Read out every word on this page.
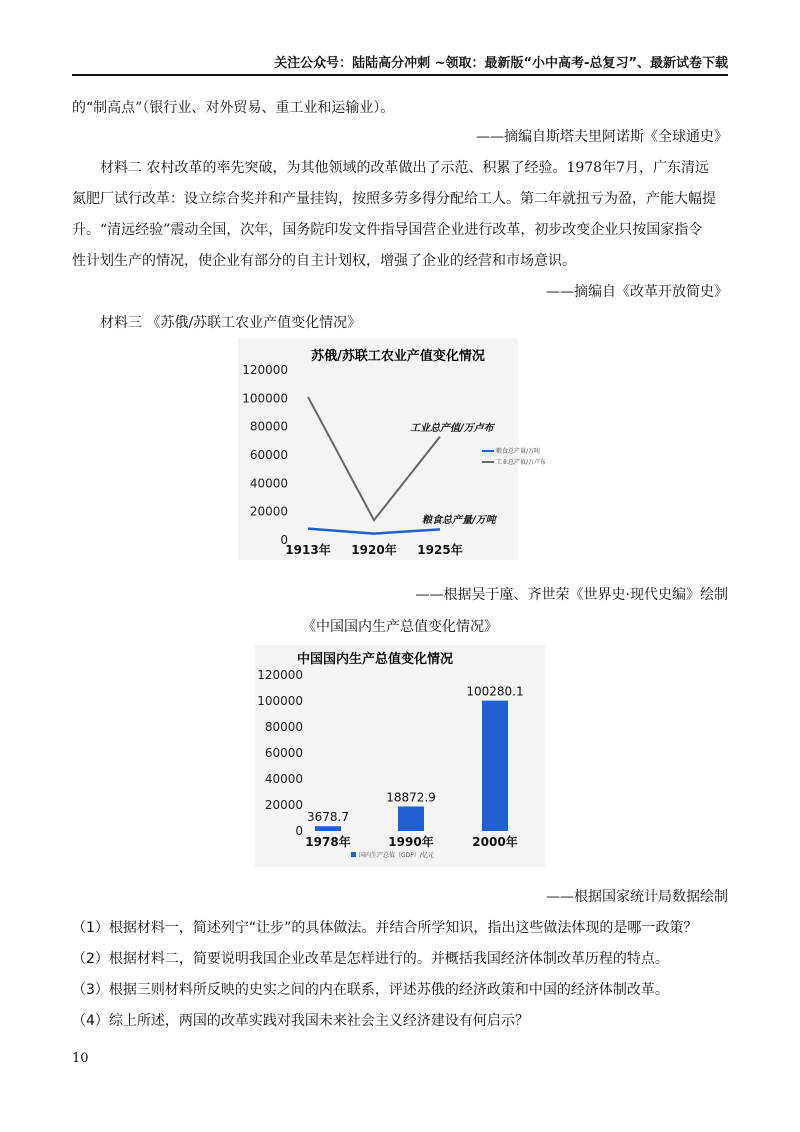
关注公众号：陆陆高分冲刺 ~领取：最新版“小中高考-总复习”、最新试卷下载
的“制高点”（银行业、对外贸易、重工业和运输业）。
——摘编自斯塔夫里阿诺斯《全球通史》
材料二 农村改革的率先突破，为其他领域的改革做出了示范、积累了经验。1978年7月，广东清远
氮肥厂试行改革：设立综合奖并和产量挂钩，按照多劳多得分配给工人。第二年就扭亏为盈，产能大幅提
升。“清远经验”震动全国，次年，国务院印发文件指导国营企业进行改革，初步改变企业只按国家指令
性计划生产的情况，使企业有部分的自主计划权，增强了企业的经营和市场意识。
——摘编自《改革开放简史》
材料三 《苏俄/苏联工农业产值变化情况》
苏俄/苏联工农业产值变化情况
0
20000
40000
60000
80000
100000
120000
1913年 1920年 1925年
粮食总产量/万吨
工业总产值/万卢布
工业总产值/万卢布
粮食总产量/万吨
——根据吴于廑、齐世荣《世界史·现代史编》绘制
《中国国内生产总值变化情况》
中国国内生产总值变化情况
0
20000
40000
60000
80000
100000
120000
3678.7
18872.9
100280.1
1978年	1990年	2000年
国内生产总值（GDP）/亿元
——根据国家统计局数据绘制
（1）根据材料一，简述列宁“让步”的具体做法。并结合所学知识，指出这些做法体现的是哪一政策？
（2）根据材料二，简要说明我国企业改革是怎样进行的。并概括我国经济体制改革历程的特点。
（3）根据三则材料所反映的史实之间的内在联系，评述苏俄的经济政策和中国的经济体制改革。
（4）综上所述，两国的改革实践对我国未来社会主义经济建设有何启示？
10
